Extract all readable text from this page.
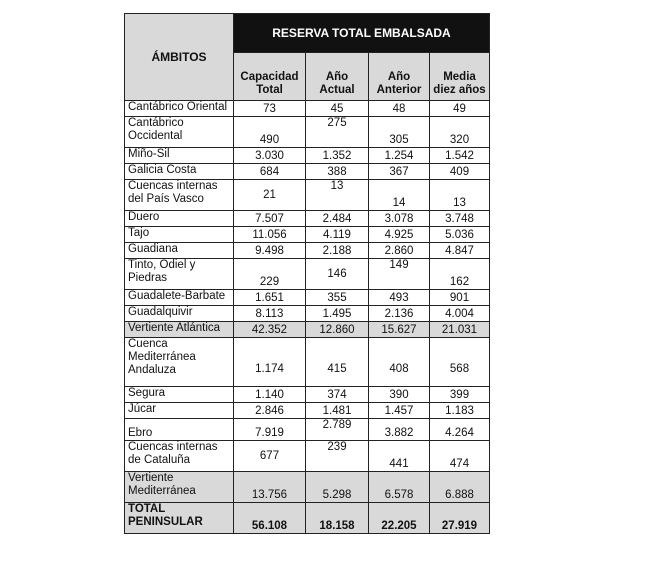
ÁMBITOS	RESERVA TOTAL EMBALSADA			
	Capacidad Total	Año Actual	Año Anterior	Media diez años
Cantábrico Oriental	73	45	48	49
Cantábrico Occidental	490	275	305	320
Miño-Sil	3.030	1.352	1.254	1.542
Galicia Costa	684	388	367	409
Cuencas internas del País Vasco	21	13	14	13
Duero	7.507	2.484	3.078	3.748
Tajo	11.056	4.119	4.925	5.036
Guadiana	9.498	2.188	2.860	4.847
Tinto, Odiel y Piedras	229	146	149	162
Guadalete-Barbate	1.651	355	493	901
Guadalquivir	8.113	1.495	2.136	4.004
Vertiente Atlántica	42.352	12.860	15.627	21.031
Cuenca Mediterránea Andaluza	1.174	415	408	568
Segura	1.140	374	390	399
Júcar	2.846	1.481	1.457	1.183
Ebro	7.919	2.789	3.882	4.264
Cuencas internas de Cataluña	677	239	441	474
Vertiente Mediterránea	13.756	5.298	6.578	6.888
TOTAL PENINSULAR	56.108	18.158	22.205	27.919
